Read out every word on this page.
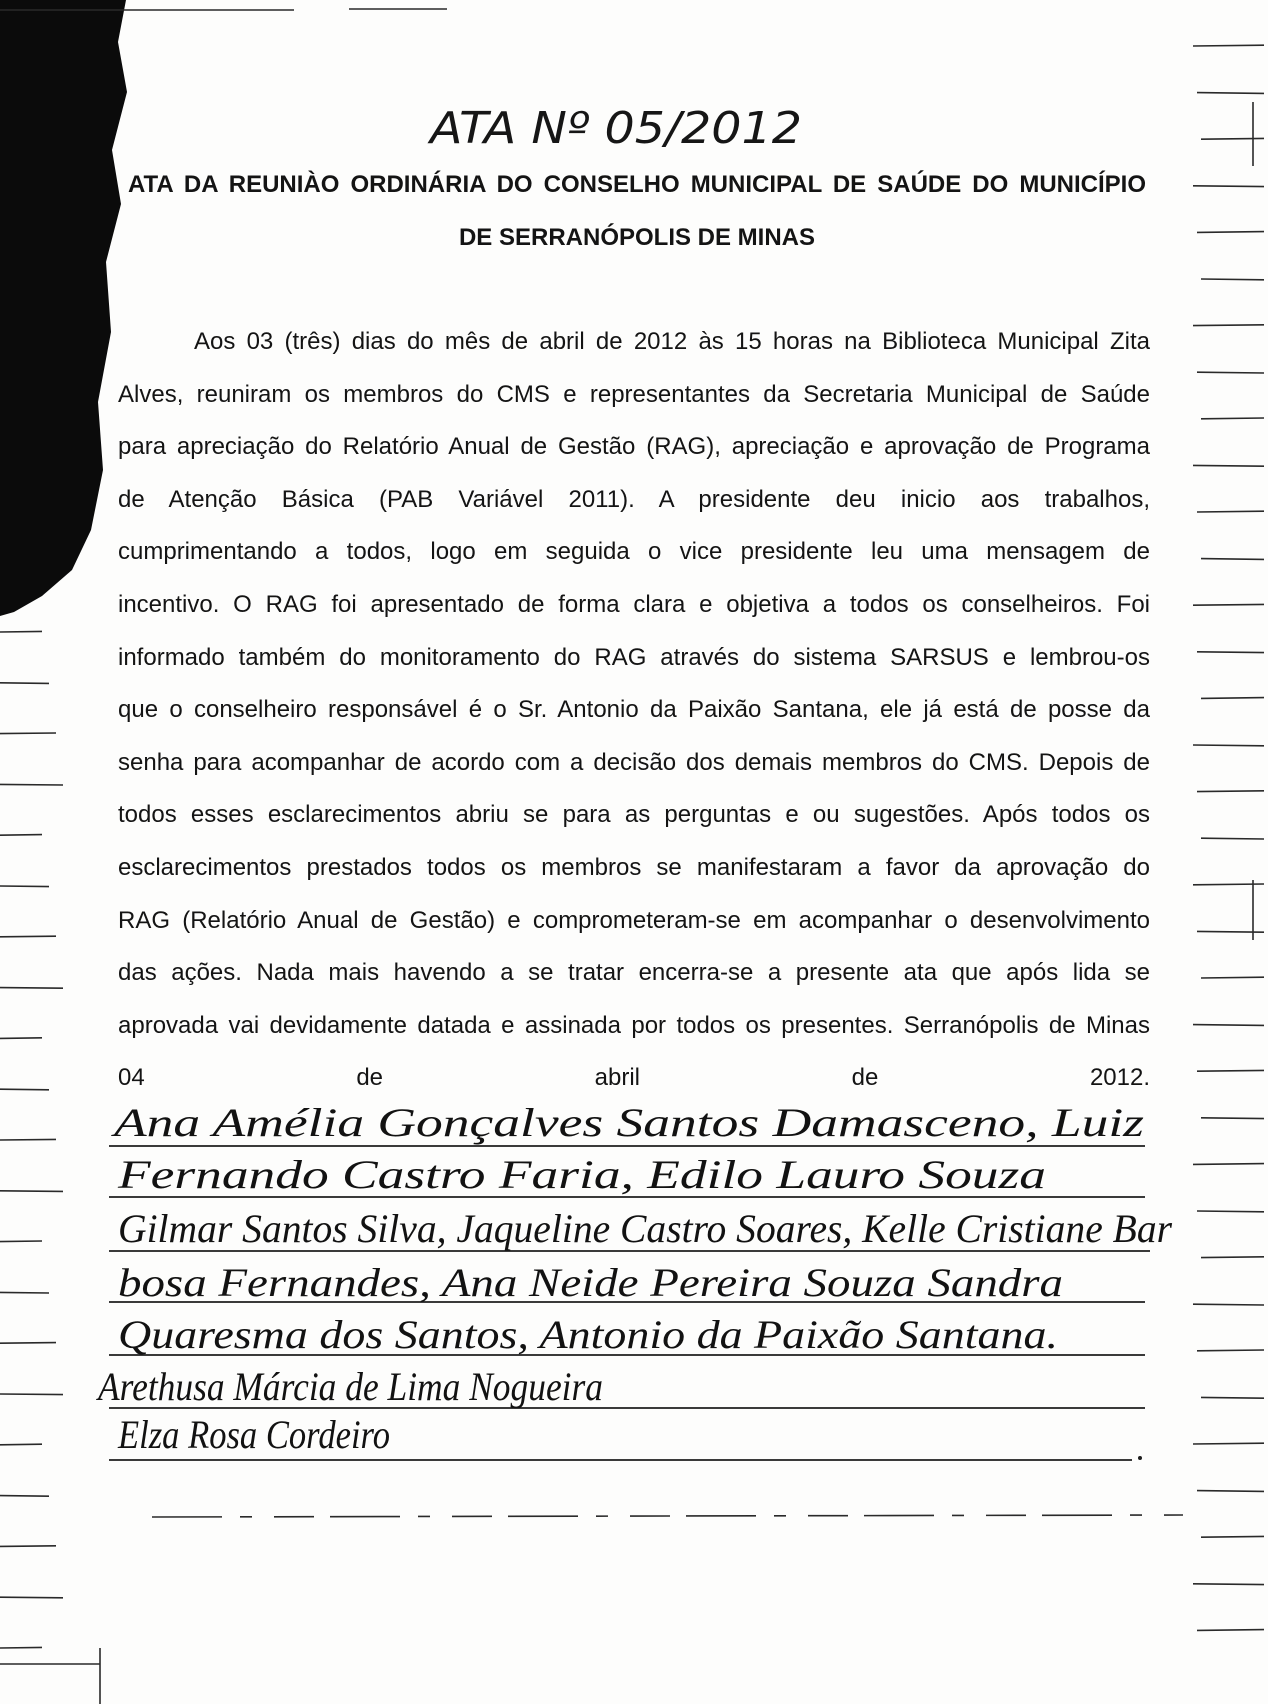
ATA Nº 05/2012
Ana Amélia Gonçalves Santos Damasceno, Luiz
Fernando Castro Faria, Edilo Lauro Souza
Gilmar Santos Silva, Jaqueline Castro Soares, Kelle Cristiane Bar
bosa Fernandes, Ana Neide Pereira Souza Sandra
Quaresma dos Santos, Antonio da Paixão Santana.
Arethusa Márcia de Lima Nogueira
Elza Rosa Cordeiro
ATA DA REUNIÀO ORDINÁRIA DO CONSELHO MUNICIPAL DE SAÚDE DO MUNICÍPIO
DE SERRANÓPOLIS DE MINAS
Aos 03 (três) dias do mês de abril de 2012 às 15 horas na Biblioteca Municipal Zita
Alves, reuniram os membros do CMS e representantes da Secretaria Municipal de Saúde
para apreciação do Relatório Anual de Gestão (RAG), apreciação e aprovação de Programa
de Atenção Básica (PAB Variável 2011). A presidente deu inicio aos trabalhos,
cumprimentando a todos, logo em seguida o vice presidente leu uma mensagem de
incentivo. O RAG foi apresentado de forma clara e objetiva a todos os conselheiros. Foi
informado também do monitoramento do RAG através do sistema SARSUS e lembrou-os
que o conselheiro responsável é o Sr. Antonio da Paixão Santana, ele já está de posse da
senha para acompanhar de acordo com a decisão dos demais membros do CMS. Depois de
todos esses esclarecimentos abriu se para as perguntas e ou sugestões. Após todos os
esclarecimentos prestados todos os membros se manifestaram a favor da aprovação do
RAG (Relatório Anual de Gestão) e comprometeram-se em acompanhar o desenvolvimento
das ações. Nada mais havendo a se tratar encerra-se a presente ata que após lida se
aprovada vai devidamente datada e assinada por todos os presentes. Serranópolis de Minas
04 de abril de 2012.
